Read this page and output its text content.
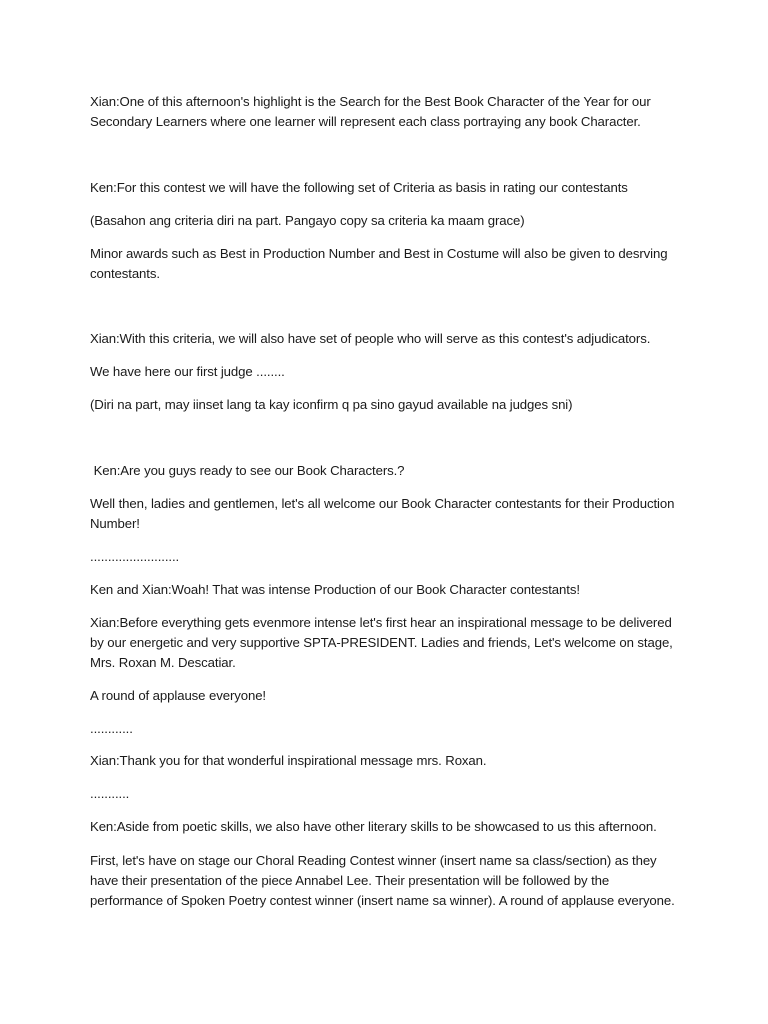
Xian:One of this afternoon's highlight is the Search for the Best Book Character of the Year for our Secondary Learners where one learner will represent each class portraying any book Character.

Ken:For this contest we will have the following set of Criteria as basis in rating our contestants

(Basahon ang criteria diri na part. Pangayo copy sa criteria ka maam grace)

Minor awards such as Best in Production Number and Best in Costume will also be given to desrving contestants.

Xian:With this criteria, we will also have set of people who will serve as this contest's adjudicators.

We have here our first judge ........

(Diri na part, may iinset lang ta kay iconfirm q pa sino gayud available na judges sni)

Ken:Are you guys ready to see our Book Characters.?

Well then, ladies and gentlemen, let's all welcome our Book Character contestants for their Production Number!

.........................

Ken and Xian:Woah! That was intense Production of our Book Character contestants!

Xian:Before everything gets evenmore intense let's first hear an inspirational message to be delivered by our energetic and very supportive SPTA-PRESIDENT. Ladies and friends, Let's welcome on stage, Mrs. Roxan M. Descatiar.

A round of applause everyone!

............

Xian:Thank you for that wonderful inspirational message mrs. Roxan.

...........

Ken:Aside from poetic skills, we also have other literary skills to be showcased to us this afternoon.

First, let's have on stage our Choral Reading Contest winner (insert name sa class/section) as they have their presentation of the piece Annabel Lee. Their presentation will be followed by the performance of Spoken Poetry contest winner (insert name sa winner). A round of applause everyone.
